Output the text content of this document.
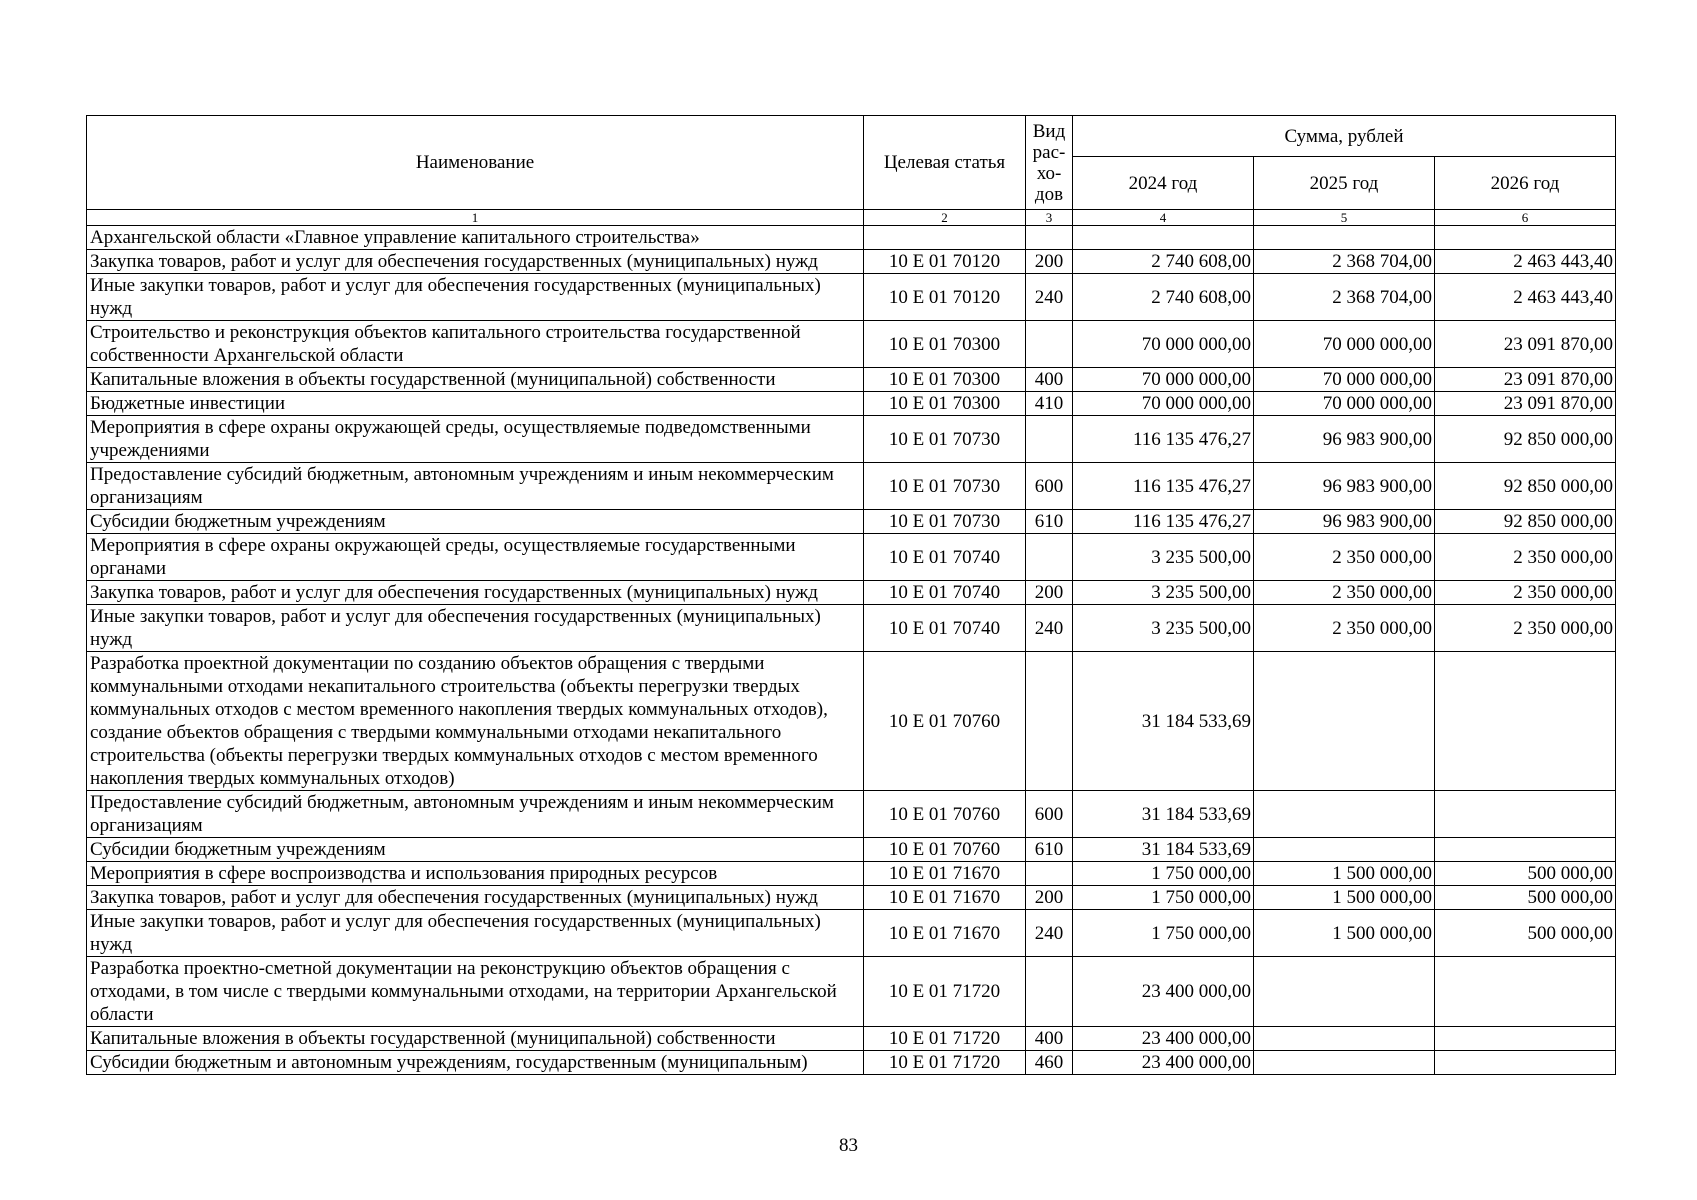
Наименование	Целевая статья	Вид
рас-
хо-
дов	Сумма, рублей		
			2024 год	2025 год	2026 год
1	2	3	4	5	6
Архангельской области «Главное управление капитального строительства»					
Закупка товаров, работ и услуг для обеспечения государственных (муниципальных) нужд	10 Е 01 70120	200	2 740 608,00	2 368 704,00	2 463 443,40
Иные закупки товаров, работ и услуг для обеспечения государственных (муниципальных) нужд	10 Е 01 70120	240	2 740 608,00	2 368 704,00	2 463 443,40
Строительство и реконструкция объектов капитального строительства государственной собственности Архангельской области	10 Е 01 70300		70 000 000,00	70 000 000,00	23 091 870,00
Капитальные вложения в объекты государственной (муниципальной) собственности	10 Е 01 70300	400	70 000 000,00	70 000 000,00	23 091 870,00
Бюджетные инвестиции	10 Е 01 70300	410	70 000 000,00	70 000 000,00	23 091 870,00
Мероприятия в сфере охраны окружающей среды, осуществляемые подведомственными учреждениями	10 Е 01 70730		116 135 476,27	96 983 900,00	92 850 000,00
Предоставление субсидий бюджетным, автономным учреждениям и иным некоммерческим организациям	10 Е 01 70730	600	116 135 476,27	96 983 900,00	92 850 000,00
Субсидии бюджетным учреждениям	10 Е 01 70730	610	116 135 476,27	96 983 900,00	92 850 000,00
Мероприятия в сфере охраны окружающей среды, осуществляемые государственными органами	10 Е 01 70740		3 235 500,00	2 350 000,00	2 350 000,00
Закупка товаров, работ и услуг для обеспечения государственных (муниципальных) нужд	10 Е 01 70740	200	3 235 500,00	2 350 000,00	2 350 000,00
Иные закупки товаров, работ и услуг для обеспечения государственных (муниципальных) нужд	10 Е 01 70740	240	3 235 500,00	2 350 000,00	2 350 000,00
Разработка проектной документации по созданию объектов обращения с твердыми коммунальными отходами некапитального строительства (объекты перегрузки твердых коммунальных отходов с местом временного накопления твердых коммунальных отходов), создание объектов обращения с твердыми коммунальными отходами некапитального строительства (объекты перегрузки твердых коммунальных отходов с местом временного накопления твердых коммунальных отходов)	10 Е 01 70760		31 184 533,69		
Предоставление субсидий бюджетным, автономным учреждениям и иным некоммерческим организациям	10 Е 01 70760	600	31 184 533,69		
Субсидии бюджетным учреждениям	10 Е 01 70760	610	31 184 533,69		
Мероприятия в сфере воспроизводства и использования природных ресурсов	10 Е 01 71670		1 750 000,00	1 500 000,00	500 000,00
Закупка товаров, работ и услуг для обеспечения государственных (муниципальных) нужд	10 Е 01 71670	200	1 750 000,00	1 500 000,00	500 000,00
Иные закупки товаров, работ и услуг для обеспечения государственных (муниципальных) нужд	10 Е 01 71670	240	1 750 000,00	1 500 000,00	500 000,00
Разработка проектно-сметной документации на реконструкцию объектов обращения с отходами, в том числе с твердыми коммунальными отходами, на территории Архангельской области	10 Е 01 71720		23 400 000,00		
Капитальные вложения в объекты государственной (муниципальной) собственности	10 Е 01 71720	400	23 400 000,00		
Субсидии бюджетным и автономным учреждениям, государственным (муниципальным)	10 Е 01 71720	460	23 400 000,00		
83
